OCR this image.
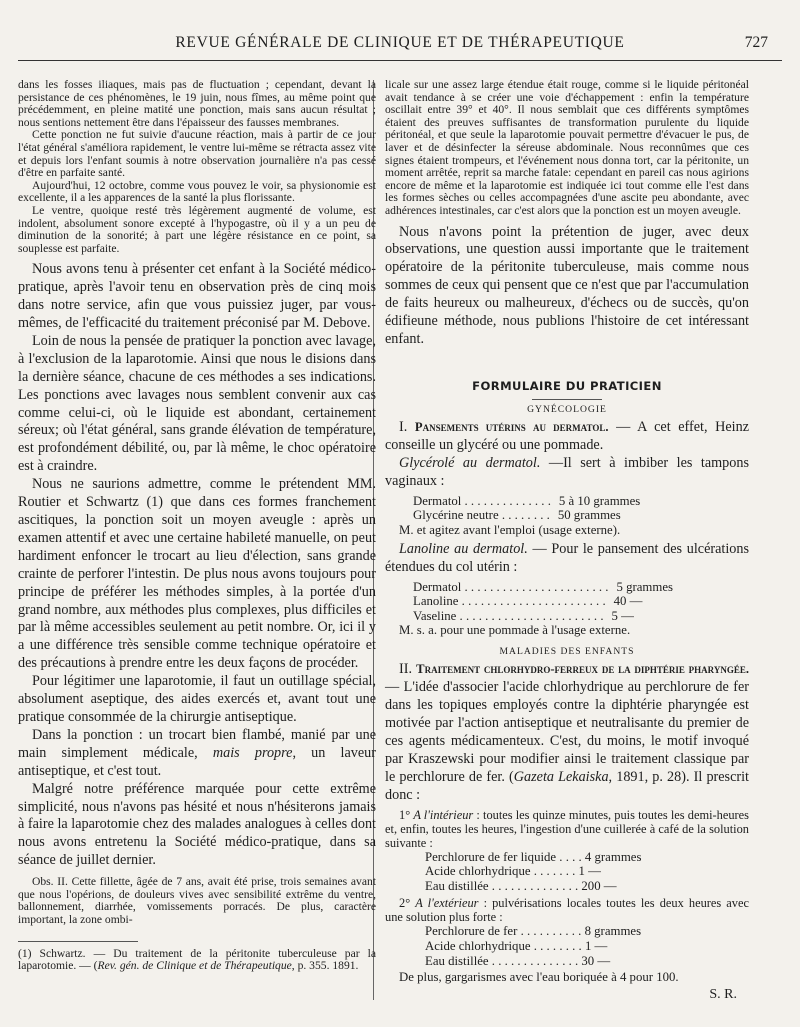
REVUE GÉNÉRALE DE CLINIQUE ET DE THÉRAPEUTIQUE	727

dans les fosses iliaques, mais pas de fluctuation ; cependant, devant la persistance de ces phénomènes, le 19 juin, nous fîmes, au même point que précédemment, en pleine matité une ponction, mais sans aucun résultat ; nous sentions nettement être dans l'épaisseur des fausses membranes.

Cette ponction ne fut suivie d'aucune réaction, mais à partir de ce jour l'état général s'améliora rapidement, le ventre lui-même se rétracta assez vite et depuis lors l'enfant soumis à notre observation journalière n'a pas cessé d'être en parfaite santé.

Aujourd'hui, 12 octobre, comme vous pouvez le voir, sa physionomie est excellente, il a les apparences de la santé la plus florissante.

Le ventre, quoique resté très légèrement augmenté de volume, est indolent, absolument sonore excepté à l'hypogastre, où il y a un peu de diminution de la sonorité; à part une légère résistance en ce point, sa souplesse est parfaite.

Nous avons tenu à présenter cet enfant à la Société médico-pratique, après l'avoir tenu en observation près de cinq mois dans notre service, afin que vous puissiez juger, par vous-mêmes, de l'efficacité du traitement préconisé par M. Debove.

Loin de nous la pensée de pratiquer la ponction avec lavage, à l'exclusion de la laparotomie. Ainsi que nous le disions dans la dernière séance, chacune de ces méthodes a ses indications. Les ponctions avec lavages nous semblent convenir aux cas comme celui-ci, où le liquide est abondant, certainement séreux; où l'état général, sans grande élévation de température, est profondément débilité, ou, par là même, le choc opératoire est à craindre.

Nous ne saurions admettre, comme le prétendent MM. Routier et Schwartz (1) que dans ces formes franchement ascitiques, la ponction soit un moyen aveugle : après un examen attentif et avec une certaine habileté manuelle, on peut hardiment enfoncer le trocart au lieu d'élection, sans grande crainte de perforer l'intestin. De plus nous avons toujours pour principe de préférer les méthodes simples, à la portée d'un grand nombre, aux méthodes plus complexes, plus difficiles et par là même accessibles seulement au petit nombre. Or, ici il y a une différence très sensible comme technique opératoire et des précautions à prendre entre les deux façons de procéder.

Pour légitimer une laparotomie, il faut un outillage spécial, absolument aseptique, des aides exercés et, avant tout une pratique consommée de la chirurgie antiseptique.

Dans la ponction : un trocart bien flambé, manié par une main simplement médicale, mais propre, un laveur antiseptique, et c'est tout.

Malgré notre préférence marquée pour cette extrême simplicité, nous n'avons pas hésité et nous n'hésiterons jamais à faire la laparotomie chez des malades analogues à celles dont nous avons entretenu la Société médico-pratique, dans sa séance de juillet dernier.

Obs. II. Cette fillette, âgée de 7 ans, avait été prise, trois semaines avant que nous l'opérions, de douleurs vives avec sensibilité extrême du ventre, ballonnement, diarrhée, vomissements porracés. De plus, caractère important, la zone ombi-

(1) Schwartz. — Du traitement de la péritonite tuberculeuse par la laparotomie. — (Rev. gén. de Clinique et de Thérapeutique, p. 355. 1891.

licale sur une assez large étendue était rouge, comme si le liquide péritonéal avait tendance à se créer une voie d'échappement : enfin la température oscillait entre 39° et 40°. Il nous semblait que ces différents symptômes étaient des preuves suffisantes de transformation purulente du liquide péritonéal, et que seule la laparotomie pouvait permettre d'évacuer le pus, de laver et de désinfecter la séreuse abdominale. Nous reconnûmes que ces signes étaient trompeurs, et l'événement nous donna tort, car la péritonite, un moment arrêtée, reprit sa marche fatale: cependant en pareil cas nous agirions encore de même et la laparotomie est indiquée ici tout comme elle l'est dans les formes sèches ou celles accompagnées d'une ascite peu abondante, avec adhérences intestinales, car c'est alors que la ponction est un moyen aveugle.

Nous n'avons point la prétention de juger, avec deux observations, une question aussi importante que le traitement opératoire de la péritonite tuberculeuse, mais comme nous sommes de ceux qui pensent que ce n'est que par l'accumulation de faits heureux ou malheureux, d'échecs ou de succès, qu'on édifieune méthode, nous publions l'histoire de cet intéressant enfant.

FORMULAIRE DU PRATICIEN
GYNÉCOLOGIE

I. Pansements utérins au dermatol. — A cet effet, Heinz conseille un glycéré ou une pommade.

Glycérolé au dermatol. —Il sert à imbiber les tampons vaginaux :

Dermatol . . . . . . . . . . . . . . 5 à 10 grammes
Glycérine neutre . . . . . . . . 50 grammes

M. et agitez avant l'emploi (usage externe).

Lanoline au dermatol. — Pour le pansement des ulcérations étendues du col utérin :

Dermatol . . . . . . . . . . . . . . . . . . . . . . . 5 grammes
Lanoline . . . . . . . . . . . . . . . . . . . . . . . 40 —
Vaseline . . . . . . . . . . . . . . . . . . . . . . . 5 —

M. s. a. pour une pommade à l'usage externe.

MALADIES DES ENFANTS

II. Traitement chlorhydro-ferreux de la diphtérie pharyngée. — L'idée d'associer l'acide chlorhydrique au perchlorure de fer dans les topiques employés contre la diphtérie pharyngée est motivée par l'action antiseptique et neutralisante du premier de ces agents médicamenteux. C'est, du moins, le motif invoqué par Kraszewski pour modifier ainsi le traitement classique par le perchlorure de fer. (Gazeta Lekaiska, 1891, p. 28). Il prescrit donc :

1° A l'intérieur : toutes les quinze minutes, puis toutes les demi-heures et, enfin, toutes les heures, l'ingestion d'une cuillerée à café de la solution suivante :

Perchlorure de fer liquide . . . .
4 grammes
Acide chlorhydrique . . . . . . .
1 —
Eau distillée . . . . . . . . . . . . . .
200 —

2° A l'extérieur : pulvérisations locales toutes les deux heures avec une solution plus forte :

Perchlorure de fer . . . . . . . . . .
8 grammes
Acide chlorhydrique . . . . . . . .
1 —
Eau distillée . . . . . . . . . . . . . .
30 —

De plus, gargarismes avec l'eau boriquée à 4 pour 100.

S. R.
